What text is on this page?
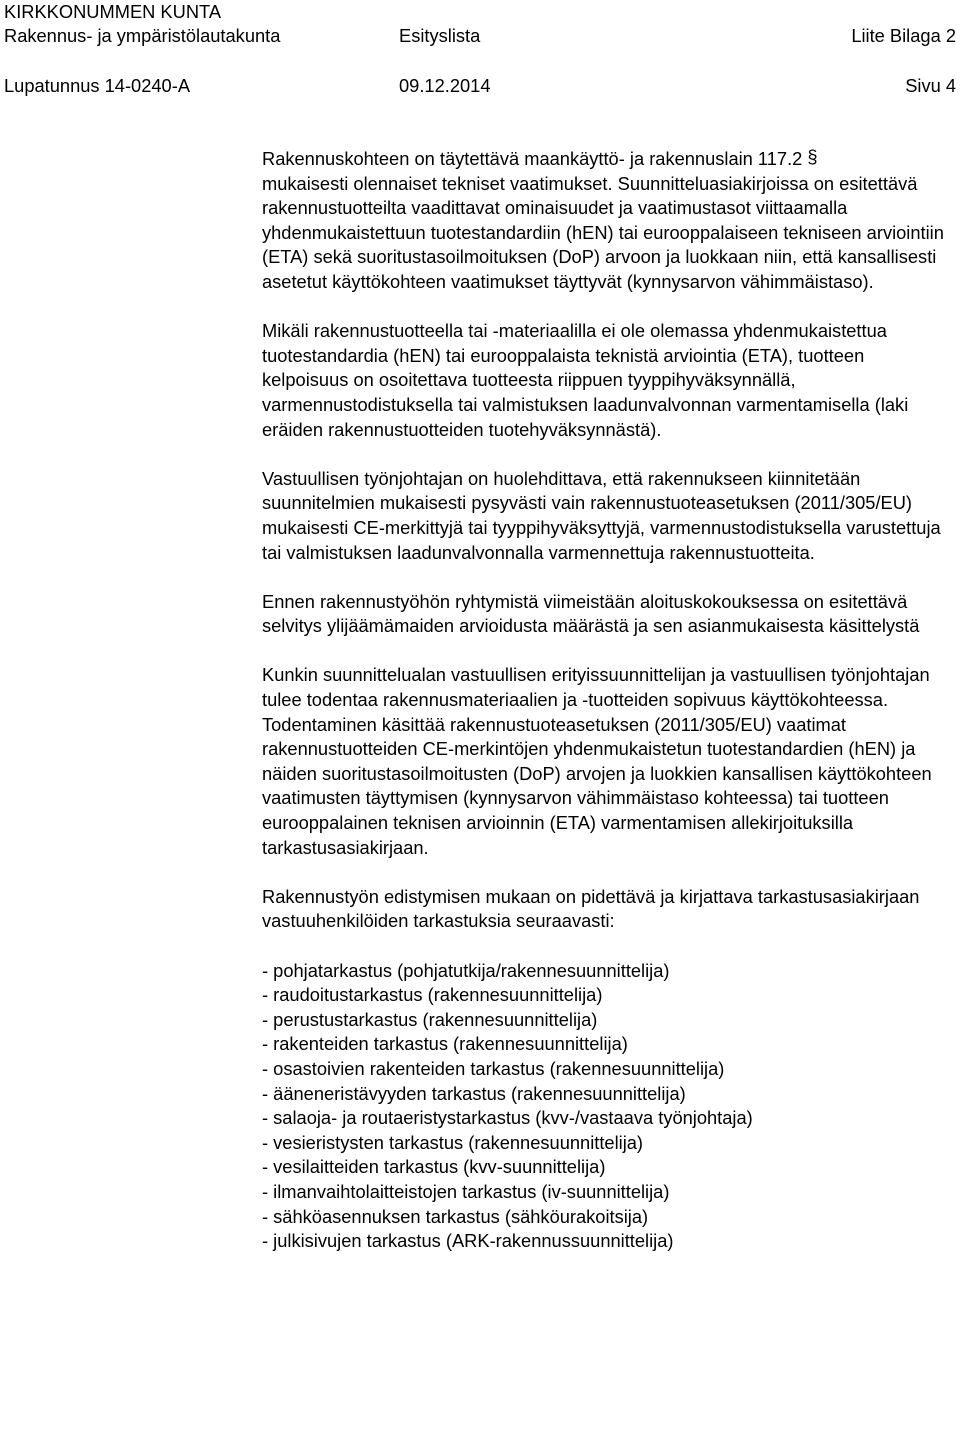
KIRKKONUMMEN KUNTA
Rakennus- ja ympäristölautakunta	Esityslista	Liite Bilaga 2
Lupatunnus 14-0240-A	09.12.2014	Sivu 4

Rakennuskohteen on täytettävä maankäyttö- ja rakennuslain 117.2 §
mukaisesti olennaiset tekniset vaatimukset. Suunnitteluasiakirjoissa on esitettävä rakennustuotteilta vaadittavat ominaisuudet ja vaatimustasot viittaamalla yhdenmukaistettuun tuotestandardiin (hEN) tai eurooppalaiseen tekniseen arviointiin (ETA) sekä suoritustasoilmoituksen (DoP) arvoon ja luokkaan niin, että kansallisesti asetetut käyttökohteen vaatimukset täyttyvät (kynnysarvon vähimmäistaso).

Mikäli rakennustuotteella tai -materiaalilla ei ole olemassa yhdenmukaistettua tuotestandardia (hEN) tai eurooppalaista teknistä arviointia (ETA), tuotteen kelpoisuus on osoitettava tuotteesta riippuen tyyppihyväksynnällä, varmennustodistuksella tai valmistuksen laadunvalvonnan varmentamisella (laki eräiden rakennustuotteiden tuotehyväksynnästä).

Vastuullisen työnjohtajan on huolehdittava, että rakennukseen kiinnitetään suunnitelmien mukaisesti pysyvästi vain rakennustuoteasetuksen (2011/305/EU) mukaisesti CE-merkittyjä tai tyyppihyväksyttyjä, varmennustodistuksella varustettuja tai valmistuksen laadunvalvonnalla varmennettuja rakennustuotteita.

Ennen rakennustyöhön ryhtymistä viimeistään aloituskokouksessa on esitettävä selvitys ylijäämämaiden arvioidusta määrästä ja sen asianmukaisesta käsittelystä

Kunkin suunnittelualan vastuullisen erityissuunnittelijan ja vastuullisen työnjohtajan tulee todentaa rakennusmateriaalien ja -tuotteiden sopivuus käyttökohteessa.

Todentaminen käsittää rakennustuoteasetuksen (2011/305/EU) vaatimat rakennustuotteiden CE-merkintöjen yhdenmukaistetun tuotestandardien (hEN) ja näiden suoritustasoilmoitusten (DoP) arvojen ja luokkien kansallisen käyttökohteen vaatimusten täyttymisen (kynnysarvon vähimmäistaso kohteessa) tai tuotteen eurooppalainen teknisen arvioinnin (ETA) varmentamisen allekirjoituksilla tarkastusasiakirjaan.

Rakennustyön edistymisen mukaan on pidettävä ja kirjattava tarkastusasiakirjaan vastuuhenkilöiden tarkastuksia seuraavasti:

- pohjatarkastus (pohjatutkija/rakennesuunnittelija)
- raudoitustarkastus (rakennesuunnittelija)
- perustustarkastus (rakennesuunnittelija)
- rakenteiden tarkastus (rakennesuunnittelija)
- osastoivien rakenteiden tarkastus (rakennesuunnittelija)
- ääneneristävyyden tarkastus (rakennesuunnittelija)
- salaoja- ja routaeristystarkastus (kvv-/vastaava työnjohtaja)
- vesieristysten tarkastus (rakennesuunnittelija)
- vesilaitteiden tarkastus (kvv-suunnittelija)
- ilmanvaihtolaitteistojen tarkastus (iv-suunnittelija)
- sähköasennuksen tarkastus (sähköurakoitsija)
- julkisivujen tarkastus (ARK-rakennussuunnittelija)
